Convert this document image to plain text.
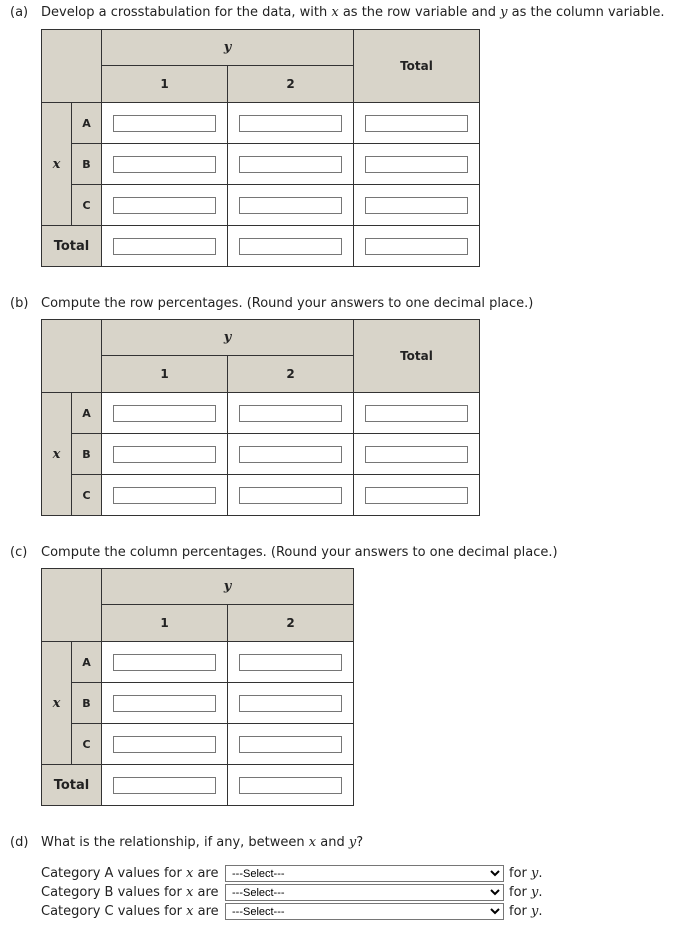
(a) Develop a crosstabulation for the data, with x as the row variable and y as the column variable.
		y		Total
		1	2	
x	A			
	B			
	C			
Total			
(b) Compute the row percentages. (Round your answers to one decimal place.)
		y		Total
		1	2	
x	A			
	B			
	C			
(c) Compute the column percentages. (Round your answers to one decimal place.)
		y	
		1	2
x	A		
	B		
	C		
Total		
(d) What is the relationship, if any, between x and y?
Category A values for x are
---Select---	for y.
Category B values for x are
---Select---	for y.
Category C values for x are
---Select---	for y.
